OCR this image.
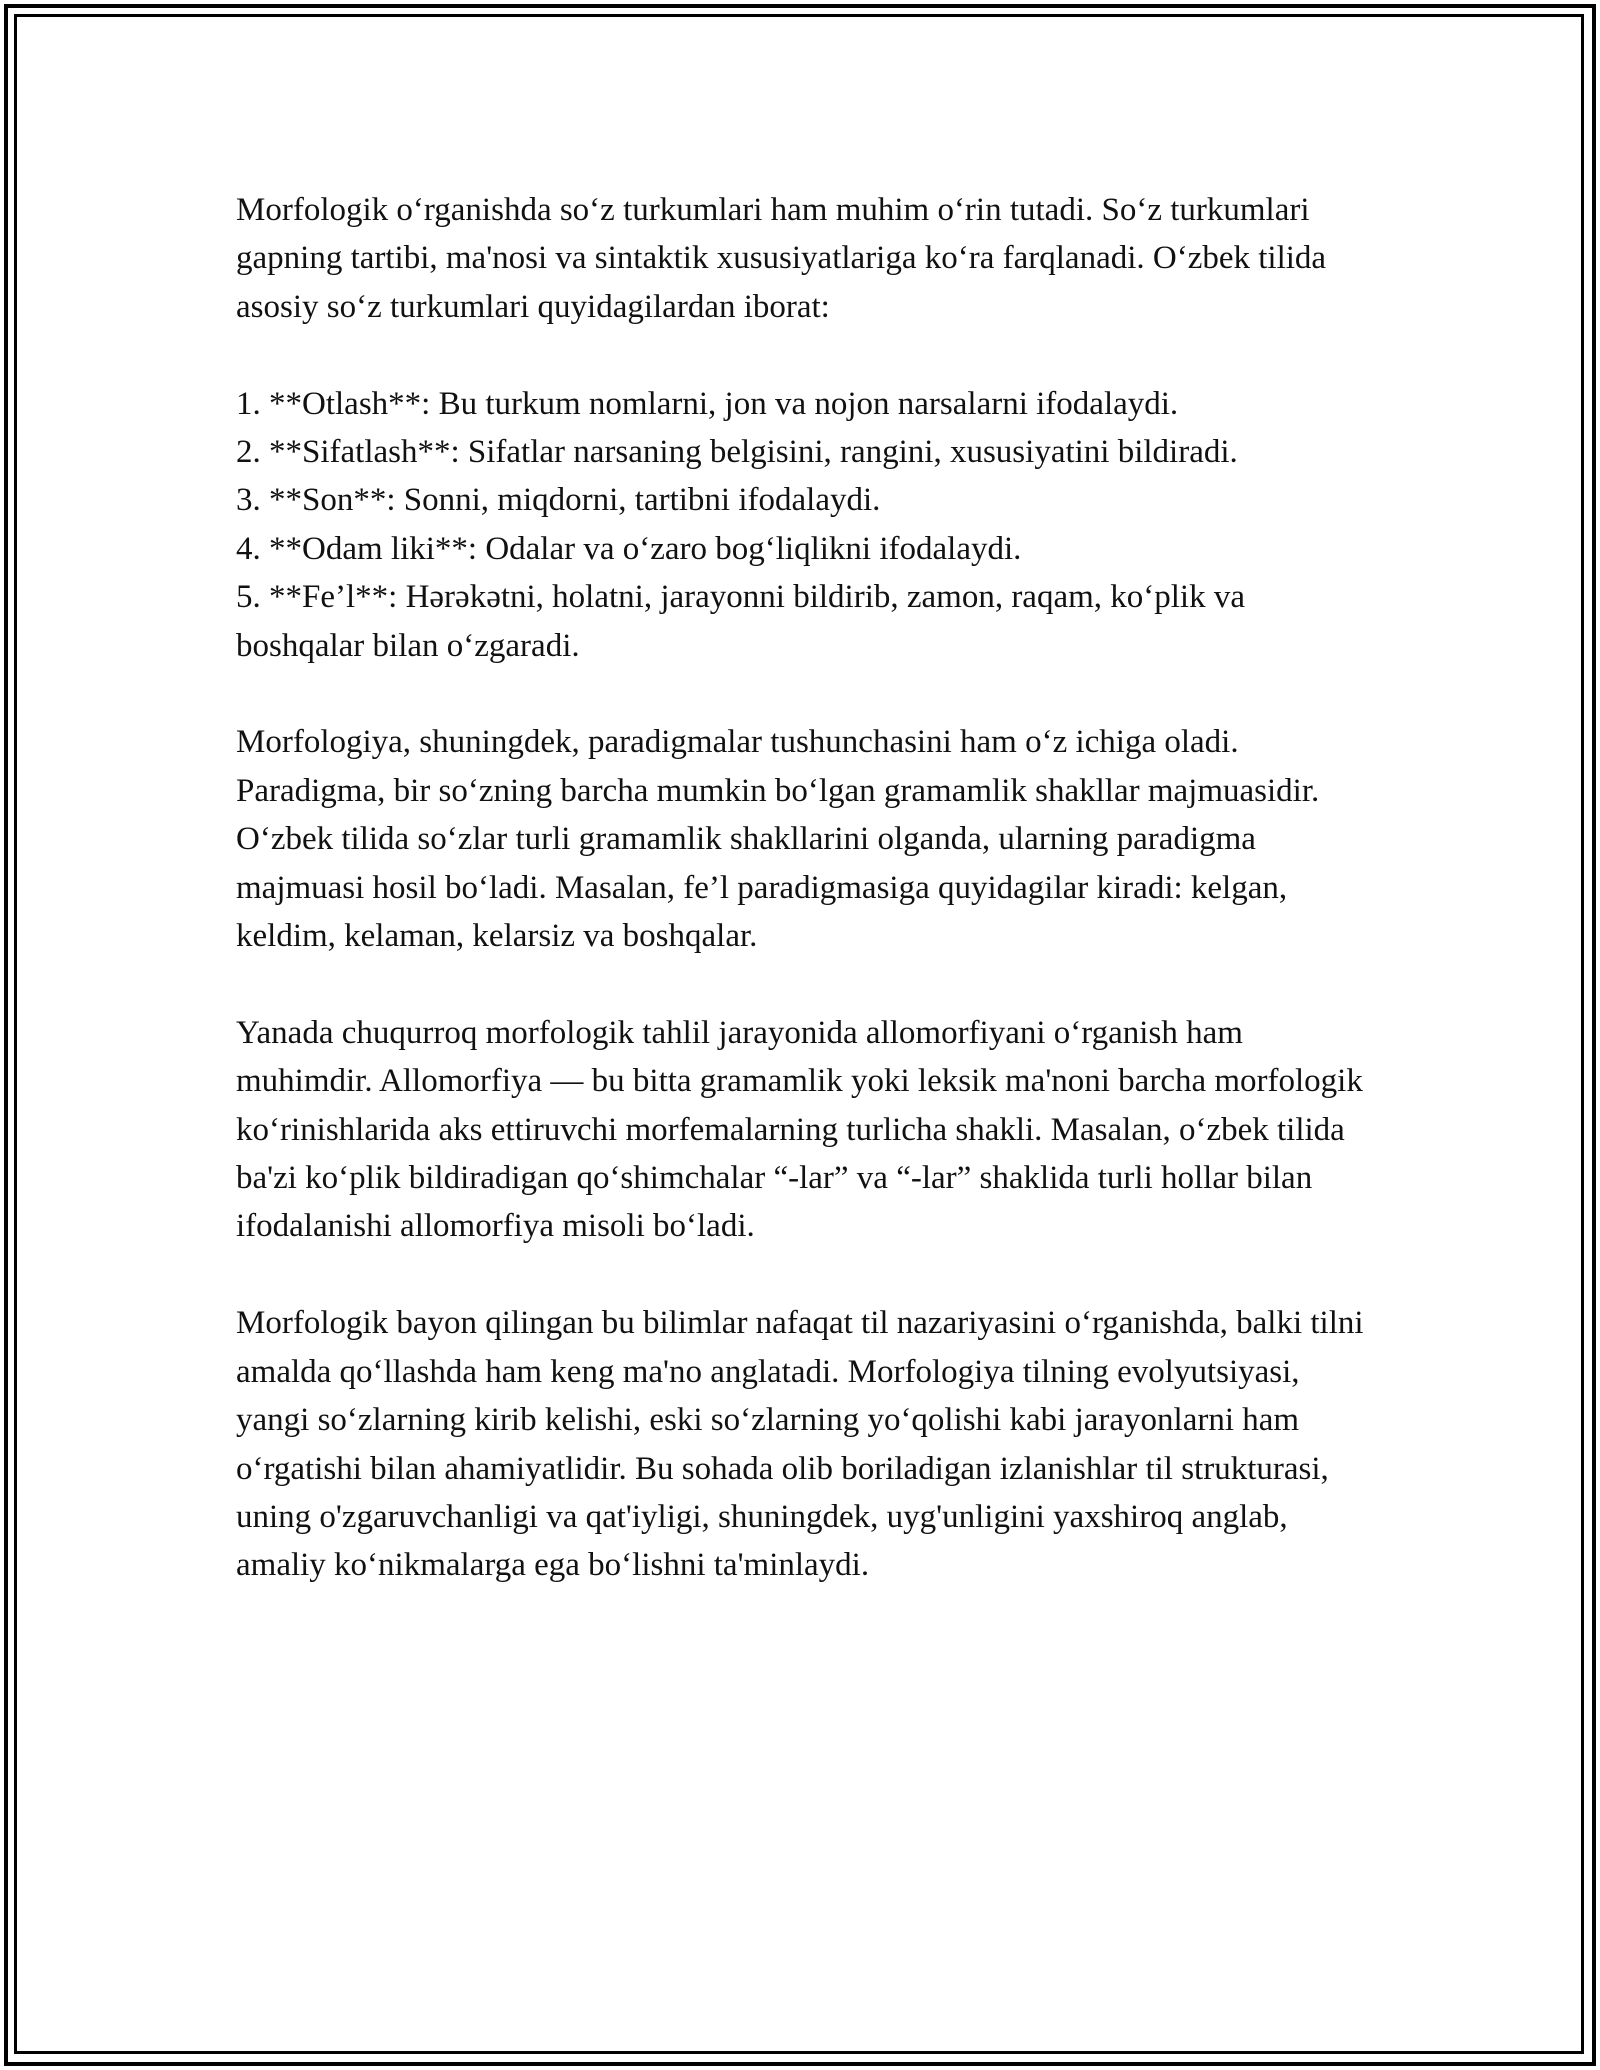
Morfologik o‘rganishda so‘z turkumlari ham muhim o‘rin tutadi. So‘z turkumlari gapning tartibi, ma'nosi va sintaktik xususiyatlariga ko‘ra farqlanadi. O‘zbek tilida asosiy so‘z turkumlari quyidagilardan iborat:

1. **Otlash**: Bu turkum nomlarni, jon va nojon narsalarni ifodalaydi.
2. **Sifatlash**: Sifatlar narsaning belgisini, rangini, xususiyatini bildiradi.
3. **Son**: Sonni, miqdorni, tartibni ifodalaydi.
4. **Odam liki**: Odalar va o‘zaro bog‘liqlikni ifodalaydi.
5. **Fe’l**: Hərəkətni, holatni, jarayonni bildirib, zamon, raqam, ko‘plik va boshqalar bilan o‘zgaradi.

Morfologiya, shuningdek, paradigmalar tushunchasini ham o‘z ichiga oladi. Paradigma, bir so‘zning barcha mumkin bo‘lgan gramamlik shakllar majmuasidir. O‘zbek tilida so‘zlar turli gramamlik shakllarini olganda, ularning paradigma majmuasi hosil bo‘ladi. Masalan, fe’l paradigmasiga quyidagilar kiradi: kelgan, keldim, kelaman, kelarsiz va boshqalar.

Yanada chuqurroq morfologik tahlil jarayonida allomorfiyani o‘rganish ham muhimdir. Allomorfiya — bu bitta gramamlik yoki leksik ma'noni barcha morfologik ko‘rinishlarida aks ettiruvchi morfemalarning turlicha shakli. Masalan, o‘zbek tilida ba'zi ko‘plik bildiradigan qo‘shimchalar “-lar” va “-lar” shaklida turli hollar bilan ifodalanishi allomorfiya misoli bo‘ladi.

Morfologik bayon qilingan bu bilimlar nafaqat til nazariyasini o‘rganishda, balki tilni amalda qo‘llashda ham keng ma'no anglatadi. Morfologiya tilning evolyutsiyasi, yangi so‘zlarning kirib kelishi, eski so‘zlarning yo‘qolishi kabi jarayonlarni ham o‘rgatishi bilan ahamiyatlidir. Bu sohada olib boriladigan izlanishlar til strukturasi, uning o'zgaruvchanligi va qat'iyligi, shuningdek, uyg'unligini yaxshiroq anglab, amaliy ko‘nikmalarga ega bo‘lishni ta'minlaydi.
